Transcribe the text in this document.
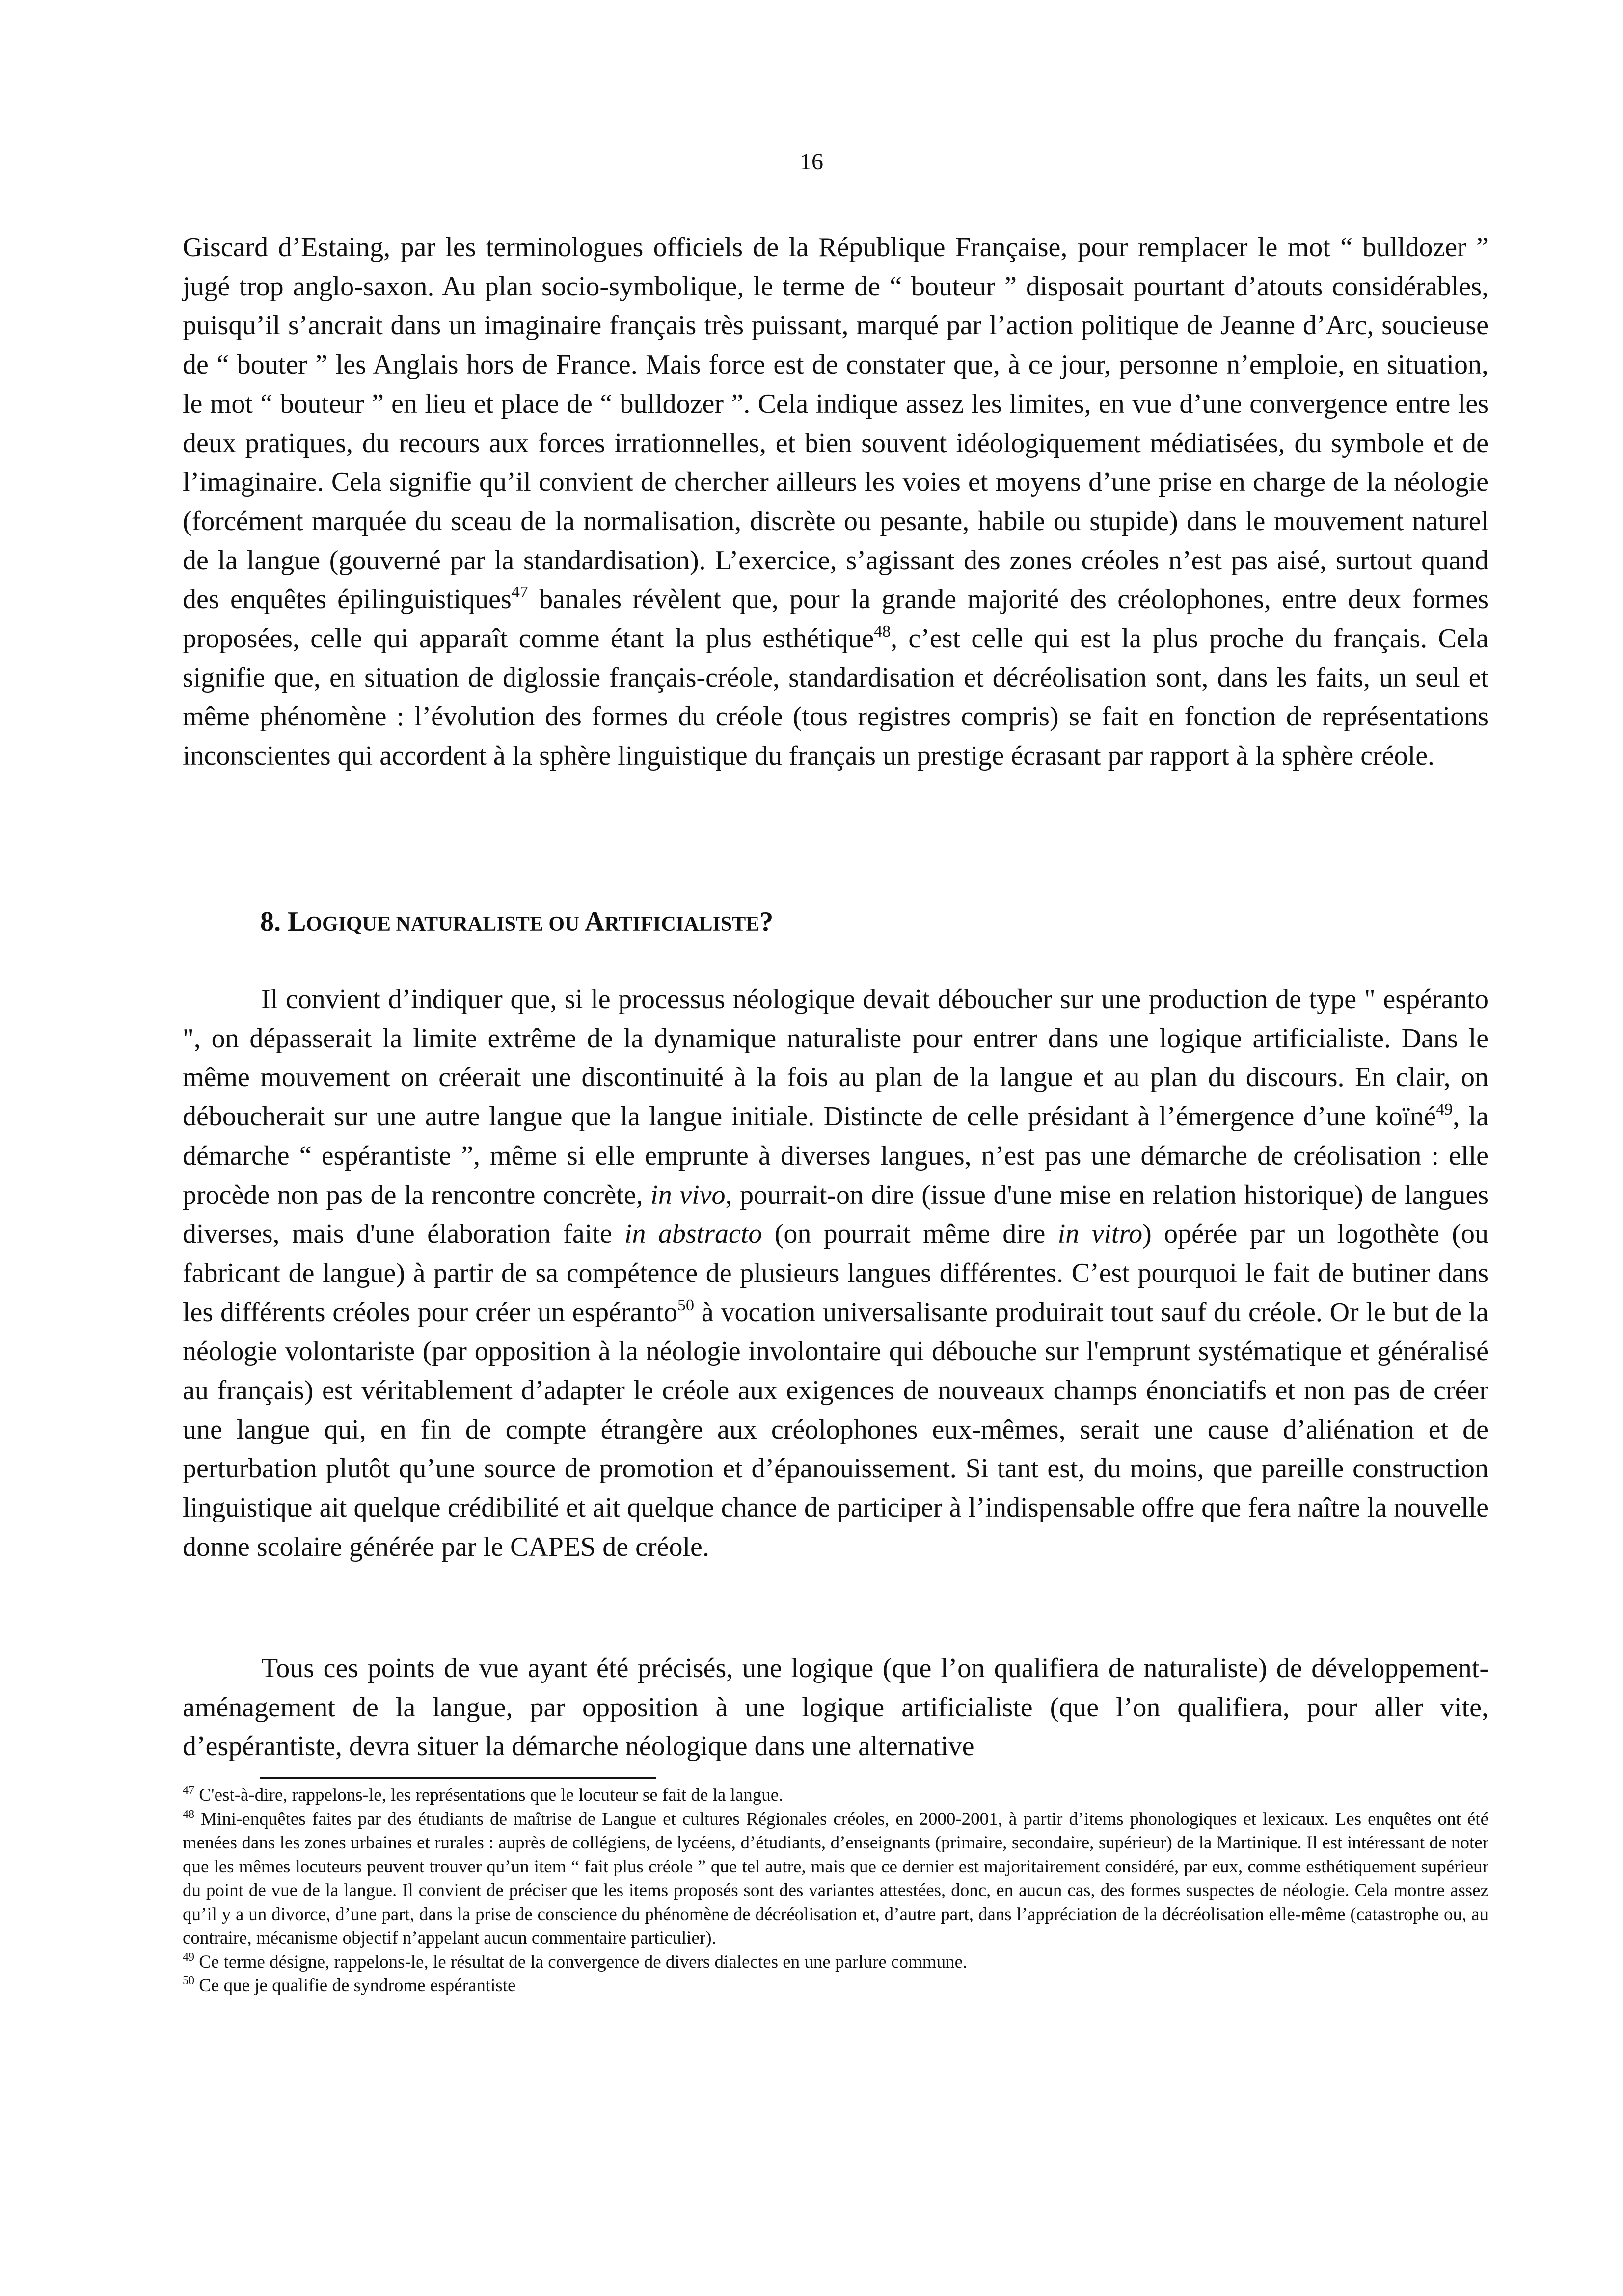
16

Giscard d’Estaing, par les terminologues officiels de la République Française, pour remplacer le mot “ bulldozer ” jugé trop anglo-saxon. Au plan socio-symbolique, le terme de “ bouteur ” disposait pourtant d’atouts considérables, puisqu’il s’ancrait dans un imaginaire français très puissant, marqué par l’action politique de Jeanne d’Arc, soucieuse de “ bouter ” les Anglais hors de France. Mais force est de constater que, à ce jour, personne n’emploie, en situation, le mot “ bouteur ” en lieu et place de “ bulldozer ”. Cela indique assez les limites, en vue d’une convergence entre les deux pratiques, du recours aux forces irrationnelles, et bien souvent idéologiquement médiatisées, du symbole et de l’imaginaire. Cela signifie qu’il convient de chercher ailleurs les voies et moyens d’une prise en charge de la néologie (forcément marquée du sceau de la normalisation, discrète ou pesante, habile ou stupide) dans le mouvement naturel de la langue (gouverné par la standardisation). L’exercice, s’agissant des zones créoles n’est pas aisé, surtout quand des enquêtes épilinguistiques$^{47}$ banales révèlent que, pour la grande majorité des créolophones, entre deux formes proposées, celle qui apparaît comme étant la plus esthétique$^{48}$, c’est celle qui est la plus proche du français. Cela signifie que, en situation de diglossie français-créole, standardisation et décréolisation sont, dans les faits, un seul et même phénomène : l’évolution des formes du créole (tous registres compris) se fait en fonction de représentations inconscientes qui accordent à la sphère linguistique du français un prestige écrasant par rapport à la sphère créole.

8. LOGIQUE NATURALISTE OU ARTIFICIALISTE?

Il convient d’indiquer que, si le processus néologique devait déboucher sur une production de type " espéranto ", on dépasserait la limite extrême de la dynamique naturaliste pour entrer dans une logique artificialiste. Dans le même mouvement on créerait une discontinuité à la fois au plan de la langue et au plan du discours. En clair, on déboucherait sur une autre langue que la langue initiale. Distincte de celle présidant à l’émergence d’une koïné$^{49}$, la démarche “ espérantiste ”, même si elle emprunte à diverses langues, n’est pas une démarche de créolisation : elle procède non pas de la rencontre concrète, in vivo, pourrait-on dire (issue d'une mise en relation historique) de langues diverses, mais d'une élaboration faite in abstracto (on pourrait même dire in vitro) opérée par un logothète (ou fabricant de langue) à partir de sa compétence de plusieurs langues différentes. C’est pourquoi le fait de butiner dans les différents créoles pour créer un espéranto$^{50}$ à vocation universalisante produirait tout sauf du créole. Or le but de la néologie volontariste (par opposition à la néologie involontaire qui débouche sur l'emprunt systématique et généralisé au français) est véritablement d’adapter le créole aux exigences de nouveaux champs énonciatifs et non pas de créer une langue qui, en fin de compte étrangère aux créolophones eux-mêmes, serait une cause d’aliénation et de perturbation plutôt qu’une source de promotion et d’épanouissement. Si tant est, du moins, que pareille construction linguistique ait quelque crédibilité et ait quelque chance de participer à l’indispensable offre que fera naître la nouvelle donne scolaire générée par le CAPES de créole.

Tous ces points de vue ayant été précisés, une logique (que l’on qualifiera de naturaliste) de développement-aménagement de la langue, par opposition à une logique artificialiste (que l’on qualifiera, pour aller vite, d’espérantiste, devra situer la démarche néologique dans une alternative

$^{47}$ C'est-à-dire, rappelons-le, les représentations que le locuteur se fait de la langue.

$^{48}$ Mini-enquêtes faites par des étudiants de maîtrise de Langue et cultures Régionales créoles, en 2000-2001, à partir d’items phonologiques et lexicaux. Les enquêtes ont été menées dans les zones urbaines et rurales : auprès de collégiens, de lycéens, d’étudiants, d’enseignants (primaire, secondaire, supérieur) de la Martinique. Il est intéressant de noter que les mêmes locuteurs peuvent trouver qu’un item “ fait plus créole ” que tel autre, mais que ce dernier est majoritairement considéré, par eux, comme esthétiquement supérieur du point de vue de la langue. Il convient de préciser que les items proposés sont des variantes attestées, donc, en aucun cas, des formes suspectes de néologie. Cela montre assez qu’il y a un divorce, d’une part, dans la prise de conscience du phénomène de décréolisation et, d’autre part, dans l’appréciation de la décréolisation elle-même (catastrophe ou, au contraire, mécanisme objectif n’appelant aucun commentaire particulier).

$^{49}$ Ce terme désigne, rappelons-le, le résultat de la convergence de divers dialectes en une parlure commune.

$^{50}$ Ce que je qualifie de syndrome espérantiste
